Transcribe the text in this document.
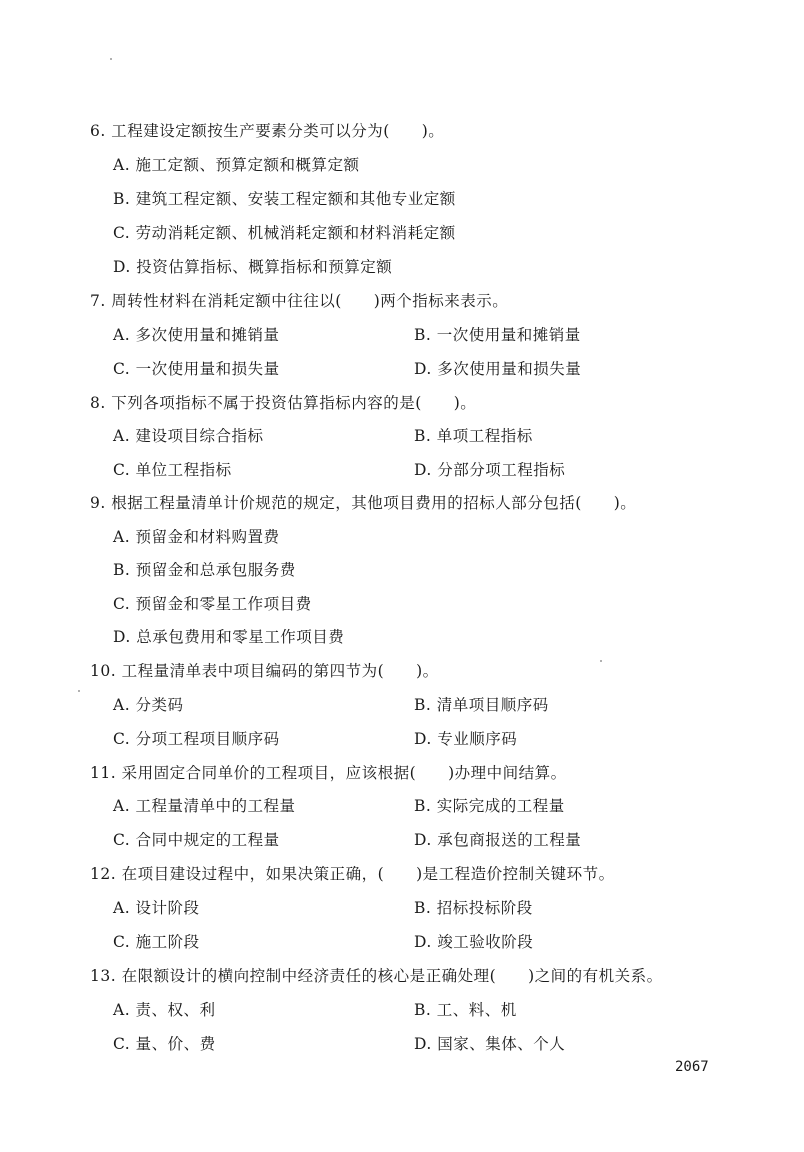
6. 工程建设定额按生产要素分类可以分为(　　)。
A. 施工定额、预算定额和概算定额
B. 建筑工程定额、安装工程定额和其他专业定额
C. 劳动消耗定额、机械消耗定额和材料消耗定额
D. 投资估算指标、概算指标和预算定额
7. 周转性材料在消耗定额中往往以(　　)两个指标来表示。
A. 多次使用量和摊销量	B. 一次使用量和摊销量
C. 一次使用量和损失量	D. 多次使用量和损失量
8. 下列各项指标不属于投资估算指标内容的是(　　)。
A. 建设项目综合指标	B. 单项工程指标
C. 单位工程指标	D. 分部分项工程指标
9. 根据工程量清单计价规范的规定，其他项目费用的招标人部分包括(　　)。
A. 预留金和材料购置费
B. 预留金和总承包服务费
C. 预留金和零星工作项目费
D. 总承包费用和零星工作项目费
10. 工程量清单表中项目编码的第四节为(　　)。
A. 分类码	B. 清单项目顺序码
C. 分项工程项目顺序码	D. 专业顺序码
11. 采用固定合同单价的工程项目，应该根据(　　)办理中间结算。
A. 工程量清单中的工程量	B. 实际完成的工程量
C. 合同中规定的工程量	D. 承包商报送的工程量
12. 在项目建设过程中，如果决策正确，(　　)是工程造价控制关键环节。
A. 设计阶段	B. 招标投标阶段
C. 施工阶段	D. 竣工验收阶段
13. 在限额设计的横向控制中经济责任的核心是正确处理(　　)之间的有机关系。
A. 责、权、利	B. 工、料、机
C. 量、价、费	D. 国家、集体、个人
2067
